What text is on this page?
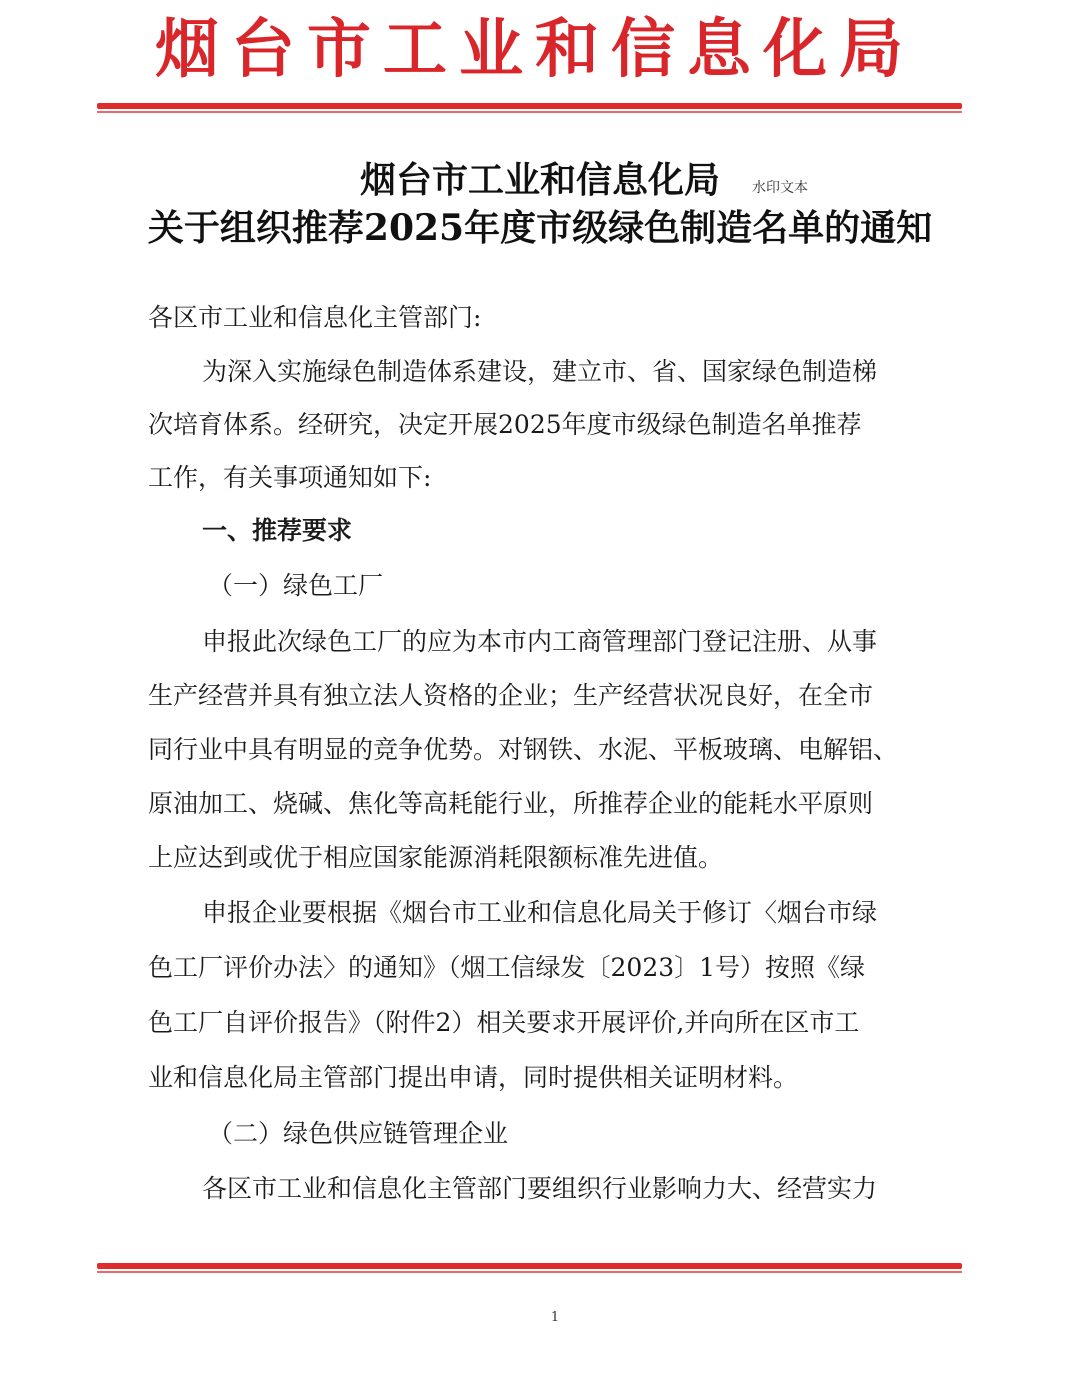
烟台市工业和信息化局
烟台市工业和信息化局	水印文本
关于组织推荐2025年度市级绿色制造名单的通知
各区市工业和信息化主管部门:
为深入实施绿色制造体系建设，建立市、省、国家绿色制造梯
次培育体系。经研究，决定开展2025年度市级绿色制造名单推荐
工作，有关事项通知如下:
一、推荐要求
（一）绿色工厂
申报此次绿色工厂的应为本市内工商管理部门登记注册、从事
生产经营并具有独立法人资格的企业；生产经营状况良好，在全市
同行业中具有明显的竞争优势。对钢铁、水泥、平板玻璃、电解铝、
原油加工、烧碱、焦化等高耗能行业，所推荐企业的能耗水平原则
上应达到或优于相应国家能源消耗限额标准先进值。
申报企业要根据《烟台市工业和信息化局关于修订〈烟台市绿
色工厂评价办法〉的通知》（烟工信绿发〔2023〕1号）按照《绿
色工厂自评价报告》（附件2）相关要求开展评价,并向所在区市工
业和信息化局主管部门提出申请，同时提供相关证明材料。
（二）绿色供应链管理企业
各区市工业和信息化主管部门要组织行业影响力大、经营实力
1
